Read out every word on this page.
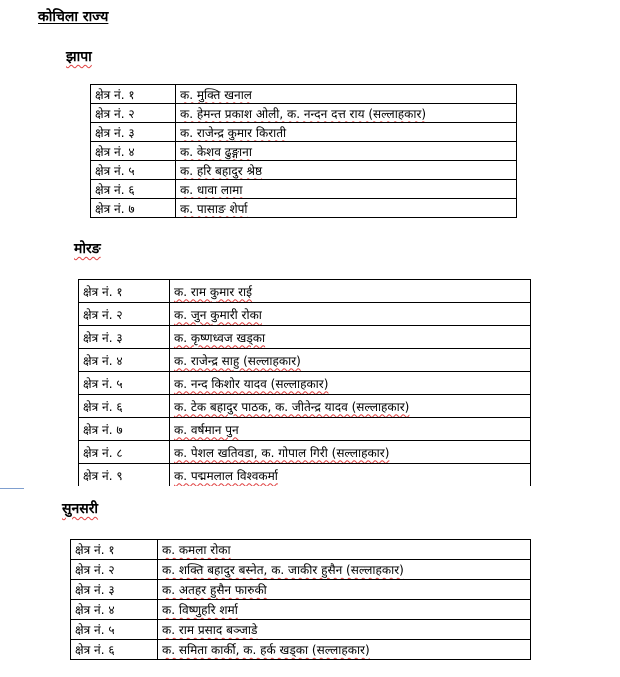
कोचिला राज्य
झापा
क्षेत्र नं. १	क. मुक्ति खनाल
क्षेत्र नं. २	क. हेमन्त प्रकाश ओली, क. नन्दन दत्त राय (सल्लाहकार)
क्षेत्र नं. ३	क. राजेन्द्र कुमार किराती
क्षेत्र नं. ४	क. केशव ढुङ्गाना
क्षेत्र नं. ५	क. हरि बहादुर श्रेष्ठ
क्षेत्र नं. ६	क. धावा लामा
क्षेत्र नं. ७	क. पासाङ शेर्पा
मोरङ
क्षेत्र नं. १	क. राम कुमार राई
क्षेत्र नं. २	क. जुन कुमारी रोका
क्षेत्र नं. ३	क. कृष्णध्वज खड्का
क्षेत्र नं. ४	क. राजेन्द्र साहु (सल्लाहकार)
क्षेत्र नं. ५	क. नन्द किशोर यादव (सल्लाहकार)
क्षेत्र नं. ६	क. टेक बहादुर पाठक, क. जीतेन्द्र यादव (सल्लाहकार)
क्षेत्र नं. ७	क. वर्षमान पुन
क्षेत्र नं. ८	क. पेशल खतिवडा, क. गोपाल गिरी (सल्लाहकार)
क्षेत्र नं. ९	क. पद्ममलाल विश्वकर्मा
सुनसरी
क्षेत्र नं. १	क. कमला रोका
क्षेत्र नं. २	क. शक्ति बहादुर बस्नेत, क. जाकीर हुसैन (सल्लाहकार)
क्षेत्र नं. ३	क. अतहर हुसैन फारुकी
क्षेत्र नं. ४	क. विष्णुहरि शर्मा
क्षेत्र नं. ५	क. राम प्रसाद बञ्जाडे
क्षेत्र नं. ६	क. समिता कार्की, क. हर्क खड्का (सल्लाहकार)
